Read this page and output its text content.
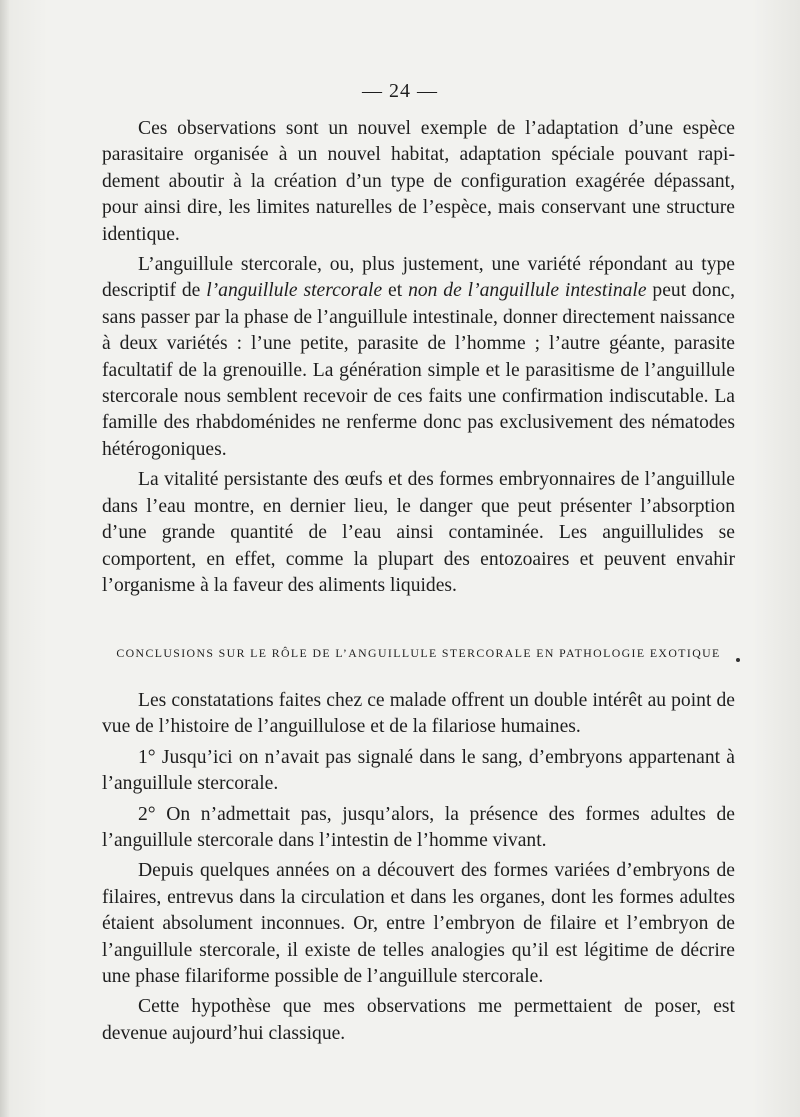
— 24 —

Ces observations sont un nouvel exemple de l’adaptation d’une espèce parasitaire organisée à un nouvel habitat, adaptation spéciale pouvant rapidement aboutir à la création d’un type de configuration exagérée dépassant, pour ainsi dire, les limites naturelles de l’espèce, mais conservant une structure identique.

L’anguillule stercorale, ou, plus justement, une variété répondant au type descriptif de l’anguillule stercorale et non de l’anguillule intestinale peut donc, sans passer par la phase de l’anguillule intestinale, donner directement naissance à deux variétés : l’une petite, parasite de l’homme ; l’autre géante, parasite facultatif de la grenouille. La génération simple et le parasitisme de l’anguillule stercorale nous semblent recevoir de ces faits une confirmation indiscutable. La famille des rhabdoménides ne renferme donc pas exclusivement des nématodes hétérogoniques.

La vitalité persistante des œufs et des formes embryonnaires de l’anguillule dans l’eau montre, en dernier lieu, le danger que peut présenter l’absorption d’une grande quantité de l’eau ainsi contaminée. Les anguillulides se comportent, en effet, comme la plupart des entozoaires et peuvent envahir l’organisme à la faveur des aliments liquides.

CONCLUSIONS SUR LE RÔLE DE L’ANGUILLULE STERCORALE EN PATHOLOGIE EXOTIQUE

Les constatations faites chez ce malade offrent un double intérêt au point de vue de l’histoire de l’anguillulose et de la filariose humaines.

1° Jusqu’ici on n’avait pas signalé dans le sang, d’embryons appartenant à l’anguillule stercorale.

2° On n’admettait pas, jusqu’alors, la présence des formes adultes de l’anguillule stercorale dans l’intestin de l’homme vivant.

Depuis quelques années on a découvert des formes variées d’embryons de filaires, entrevus dans la circulation et dans les organes, dont les formes adultes étaient absolument inconnues. Or, entre l’embryon de filaire et l’embryon de l’anguillule stercorale, il existe de telles analogies qu’il est légitime de décrire une phase filariforme possible de l’anguillule stercorale.

Cette hypothèse que mes observations me permettaient de poser, est devenue aujourd’hui classique.
